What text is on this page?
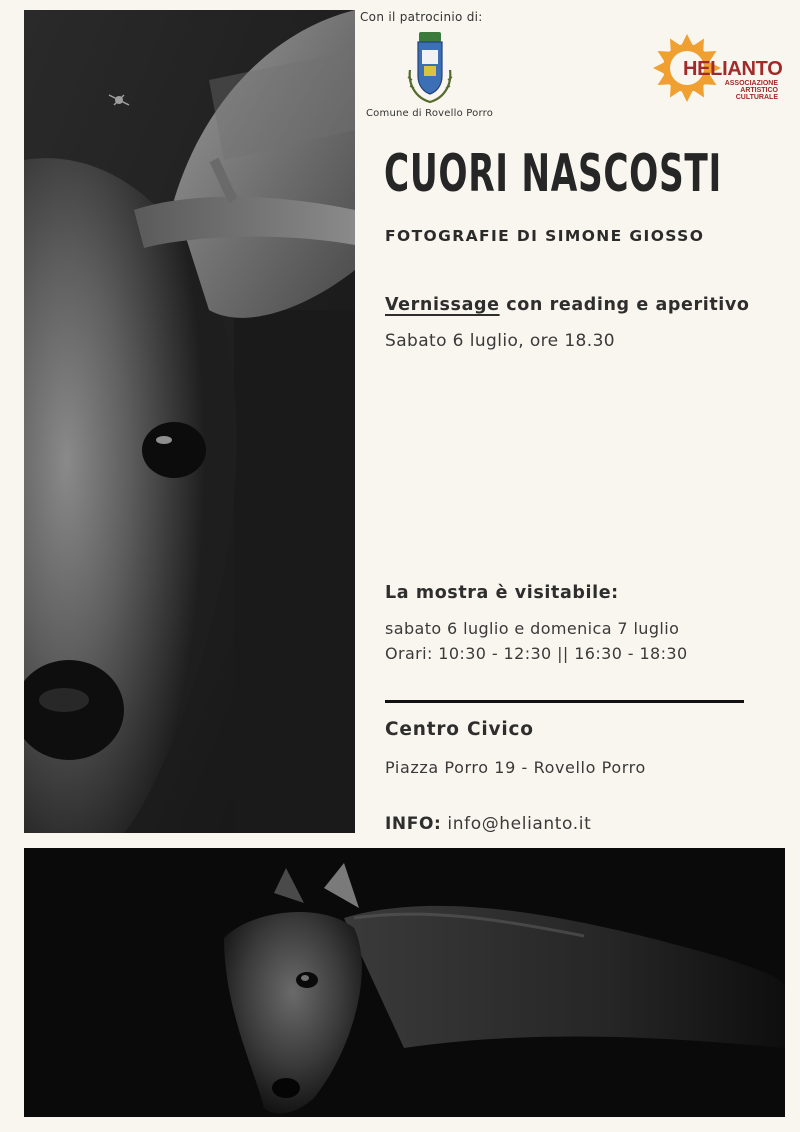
Con il patrocinio di:
Comune di Rovello Porro
HELIANTO
ASSOCIAZIONE
ARTISTICO
CULTURALE
CUORI NASCOSTI
FOTOGRAFIE DI SIMONE GIOSSO
Vernissage con reading e aperitivo
Sabato 6 luglio, ore 18.30
La mostra è visitabile:
sabato 6 luglio e domenica 7 luglio
Orari: 10:30 - 12:30 || 16:30 - 18:30
Centro Civico
Piazza Porro 19 - Rovello Porro
INFO: info@helianto.it
